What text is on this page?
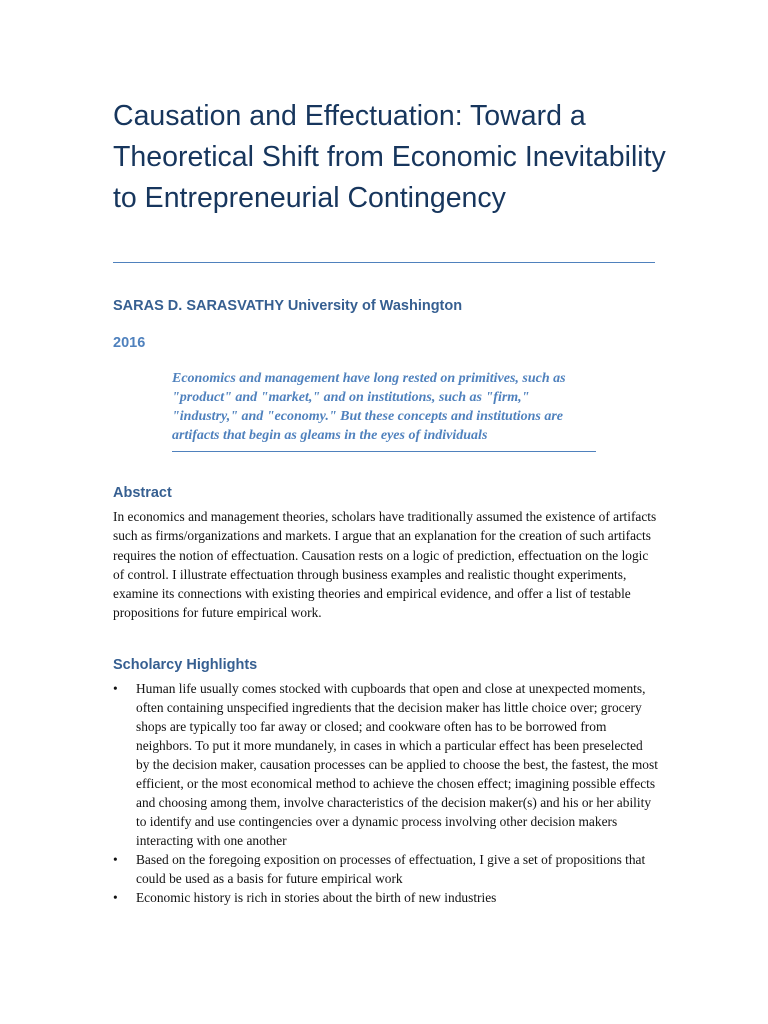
Causation and Effectuation: Toward a Theoretical Shift from Economic Inevitability to Entrepreneurial Contingency
SARAS D. SARASVATHY University of Washington
2016
Economics and management have long rested on primitives, such as "product" and "market," and on institutions, such as "firm," "industry," and "economy." But these concepts and institutions are artifacts that begin as gleams in the eyes of individuals
Abstract
In economics and management theories, scholars have traditionally assumed the existence of artifacts such as firms/organizations and markets. I argue that an explanation for the creation of such artifacts requires the notion of effectuation. Causation rests on a logic of prediction, effectuation on the logic of control. I illustrate effectuation through business examples and realistic thought experiments, examine its connections with existing theories and empirical evidence, and offer a list of testable propositions for future empirical work.
Scholarcy Highlights
• Human life usually comes stocked with cupboards that open and close at unexpected moments, often containing unspecified ingredients that the decision maker has little choice over; grocery shops are typically too far away or closed; and cookware often has to be borrowed from neighbors. To put it more mundanely, in cases in which a particular effect has been preselected by the decision maker, causation processes can be applied to choose the best, the fastest, the most efficient, or the most economical method to achieve the chosen effect; imagining possible effects and choosing among them, involve characteristics of the decision maker(s) and his or her ability to identify and use contingencies over a dynamic process involving other decision makers interacting with one another
• Based on the foregoing exposition on processes of effectuation, I give a set of propositions that could be used as a basis for future empirical work
• Economic history is rich in stories about the birth of new industries
